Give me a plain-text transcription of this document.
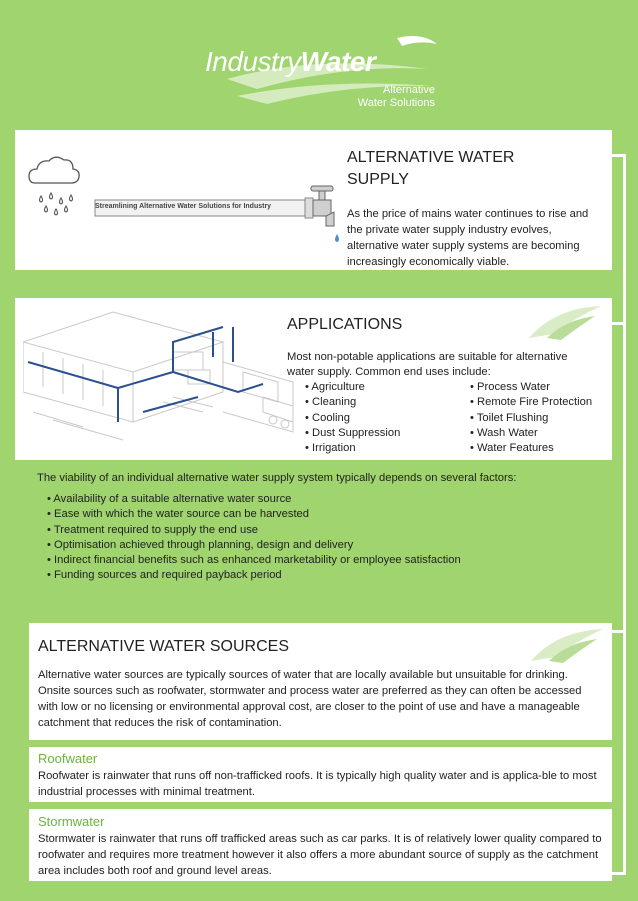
IndustryWater
Alternative
Water Solutions
Streamlining Alternative Water Solutions for Industry
ALTERNATIVE WATER
SUPPLY
As the price of mains water continues to rise and the private water supply industry evolves, alternative water supply systems are becoming increasingly economically viable.
APPLICATIONS
Most non-potable applications are suitable for alternative water supply. Common end uses include:
• Agriculture
• Cleaning
• Cooling
• Dust Suppression
• Irrigation
• Process Water
• Remote Fire Protection
• Toilet Flushing
• Wash Water
• Water Features
The viability of an individual alternative water supply system typically depends on several factors:
• Availability of a suitable alternative water source
• Ease with which the water source can be harvested
• Treatment required to supply the end use
• Optimisation achieved through planning, design and delivery
• Indirect financial benefits such as enhanced marketability or employee satisfaction
• Funding sources and required payback period
ALTERNATIVE WATER SOURCES
Alternative water sources are typically sources of water that are locally available but unsuitable for drinking. Onsite sources such as roofwater, stormwater and process water are preferred as they can often be accessed with low or no licensing or environmental approval cost, are closer to the point of use and have a manageable catchment that reduces the risk of contamination.
Roofwater
Roofwater is rainwater that runs off non-trafficked roofs. It is typically high quality water and is applica-ble to most industrial processes with minimal treatment.
Stormwater
Stormwater is rainwater that runs off trafficked areas such as car parks. It is of relatively lower quality compared to roofwater and requires more treatment however it also offers a more abundant source of supply as the catchment area includes both roof and ground level areas.
